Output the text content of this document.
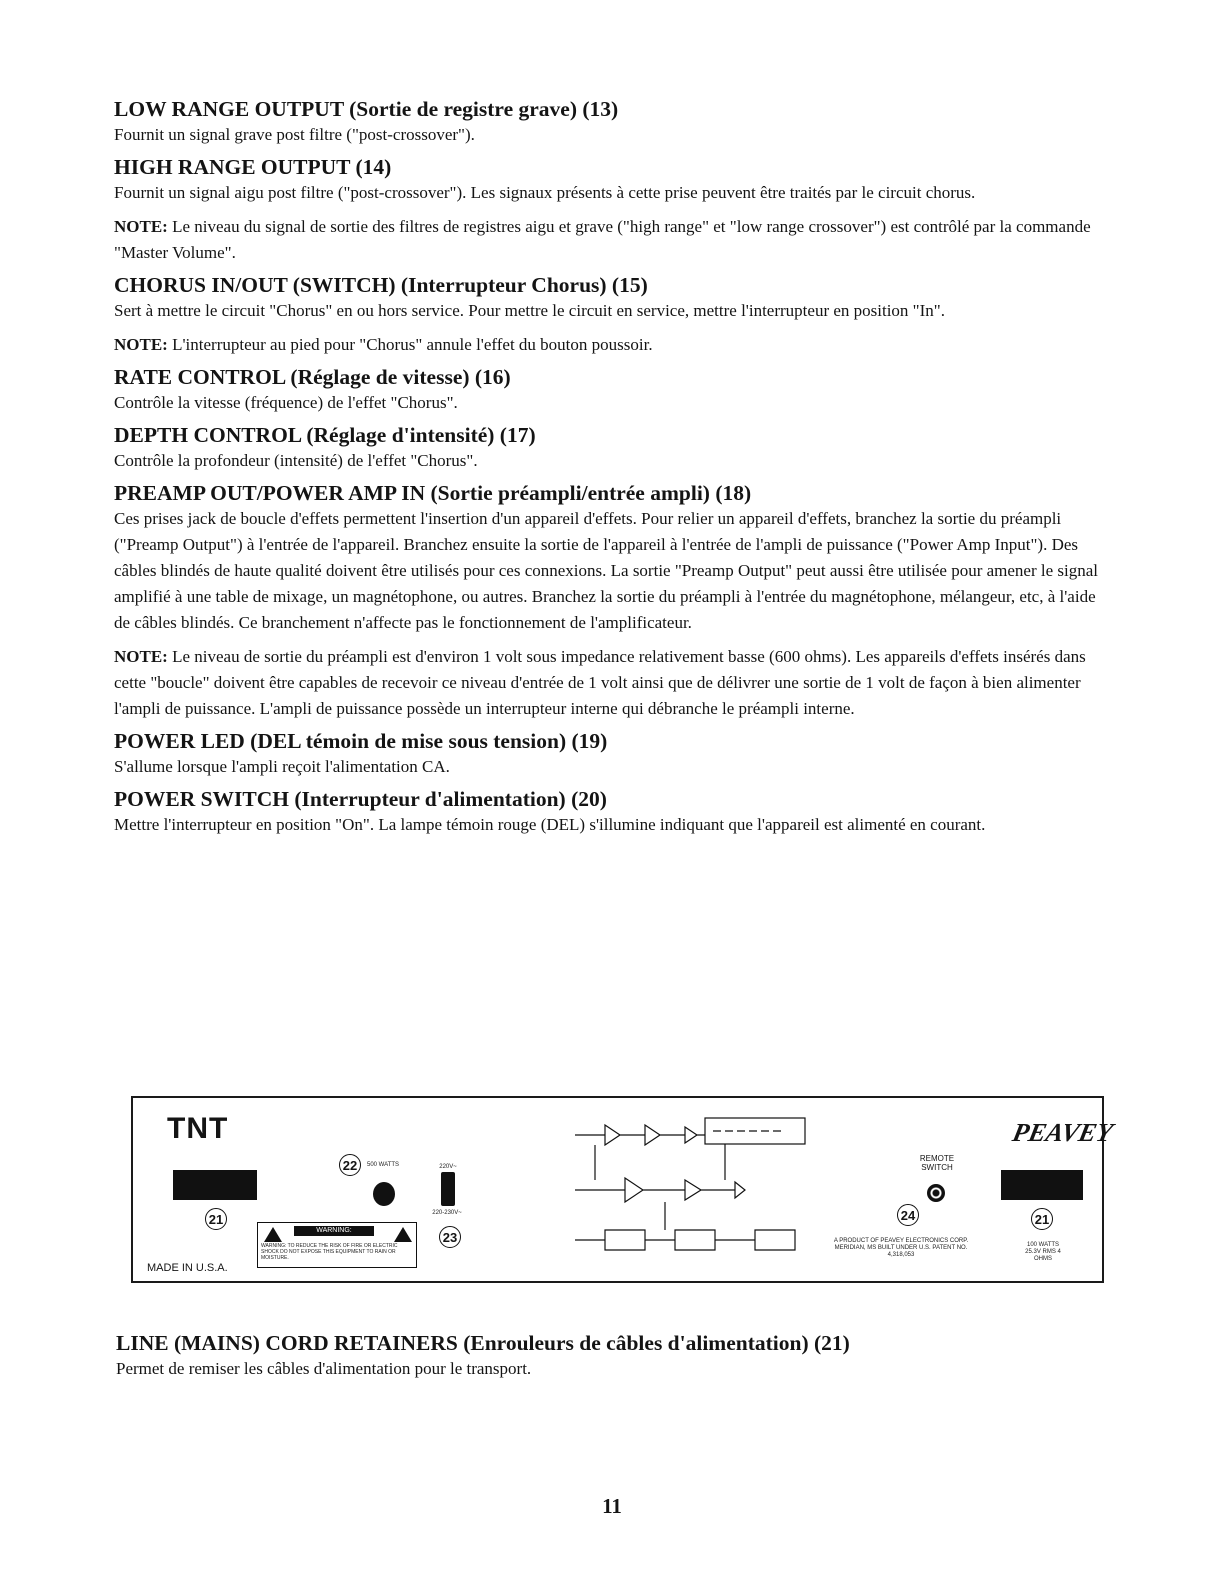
LOW RANGE OUTPUT (Sortie de registre grave) (13)

Fournit un signal grave post filtre ("post-crossover").

HIGH RANGE OUTPUT (14)

Fournit un signal aigu post filtre ("post-crossover"). Les signaux présents à cette prise peuvent être traités par le circuit chorus.

NOTE: Le niveau du signal de sortie des filtres de registres aigu et grave ("high range" et "low range crossover") est contrôlé par la commande "Master Volume".

CHORUS IN/OUT (SWITCH) (Interrupteur Chorus) (15)

Sert à mettre le circuit "Chorus" en ou hors service. Pour mettre le circuit en service, mettre l'interrupteur en position "In".

NOTE: L'interrupteur au pied pour "Chorus" annule l'effet du bouton poussoir.

RATE CONTROL (Réglage de vitesse) (16)

Contrôle la vitesse (fréquence) de l'effet "Chorus".

DEPTH CONTROL (Réglage d'intensité) (17)

Contrôle la profondeur (intensité) de l'effet "Chorus".

PREAMP OUT/POWER AMP IN (Sortie préampli/entrée ampli) (18)

Ces prises jack de boucle d'effets permettent l'insertion d'un appareil d'effets. Pour relier un appareil d'effets, branchez la sortie du préampli ("Preamp Output") à l'entrée de l'appareil. Branchez ensuite la sortie de l'appareil à l'entrée de l'ampli de puissance ("Power Amp Input"). Des câbles blindés de haute qualité doivent être utilisés pour ces connexions. La sortie "Preamp Output" peut aussi être utilisée pour amener le signal amplifié à une table de mixage, un magnétophone, ou autres. Branchez la sortie du préampli à l'entrée du magnétophone, mélangeur, etc, à l'aide de câbles blindés. Ce branchement n'affecte pas le fonctionnement de l'amplificateur.

NOTE: Le niveau de sortie du préampli est d'environ 1 volt sous impedance relativement basse (600 ohms). Les appareils d'effets insérés dans cette "boucle" doivent être capables de recevoir ce niveau d'entrée de 1 volt ainsi que de délivrer une sortie de 1 volt de façon à bien alimenter l'ampli de puissance. L'ampli de puissance possède un interrupteur interne qui débranche le préampli interne.

POWER LED (DEL témoin de mise sous tension) (19)

S'allume lorsque l'ampli reçoit l'alimentation CA.

POWER SWITCH (Interrupteur d'alimentation) (20)

Mettre l'interrupteur en position "On". La lampe témoin rouge (DEL) s'illumine indiquant que l'appareil est alimenté en courant.

TNT
21
MADE IN U.S.A.
22	500 WATTS	220V~
220-230V~
23
WARNING:
WARNING: TO REDUCE THE RISK OF FIRE OR ELECTRIC SHOCK DO NOT EXPOSE THIS EQUIPMENT TO RAIN OR MOISTURE.
REMOTE SWITCH
24
A PRODUCT OF PEAVEY ELECTRONICS CORP. MERIDIAN, MS BUILT UNDER U.S. PATENT NO. 4,318,053
PEAVEY
21
100 WATTS 25.3V RMS 4 OHMS
LINE (MAINS) CORD RETAINERS (Enrouleurs de câbles d'alimentation) (21)

Permet de remiser les câbles d'alimentation pour le transport.

11
